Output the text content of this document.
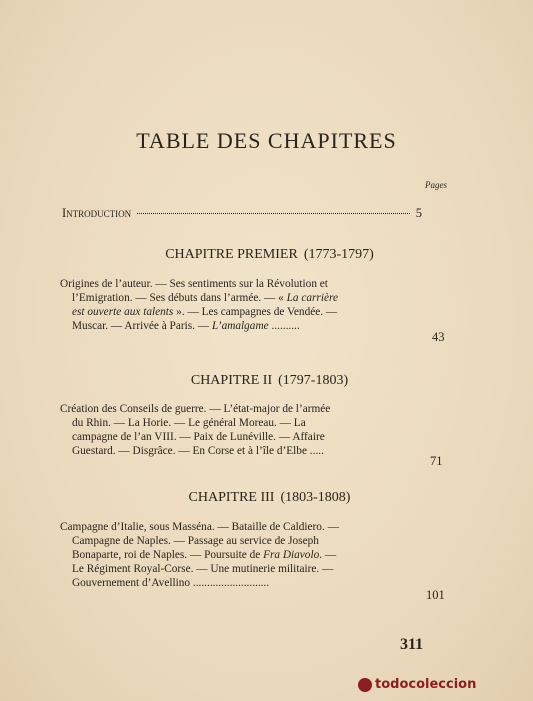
TABLE DES CHAPITRES
Pages
Introduction	5
CHAPITRE PREMIER (1773-1797)
Origines de l’auteur. — Ses sentiments sur la Révolution et
l’Emigration. — Ses débuts dans l’armée. — « La carrière
est ouverte aux talents ». — Les campagnes de Vendée. —
Muscar. — Arrivée à Paris. — L’amalgame ..........
43
CHAPITRE II (1797-1803)
Création des Conseils de guerre. — L’état-major de l’armée
du Rhin. — La Horie. — Le général Moreau. — La
campagne de l’an VIII. — Paix de Lunéville. — Affaire
Guestard. — Disgrâce. — En Corse et à l’île d’Elbe .....
71
CHAPITRE III (1803-1808)
Campagne d’Italie, sous Masséna. — Bataille de Caldiero. —
Campagne de Naples. — Passage au service de Joseph
Bonaparte, roi de Naples. — Poursuite de Fra Diavolo. —
Le Régiment Royal-Corse. — Une mutinerie militaire. —
Gouvernement d’Avellino ...........................
101
311
todocoleccion
